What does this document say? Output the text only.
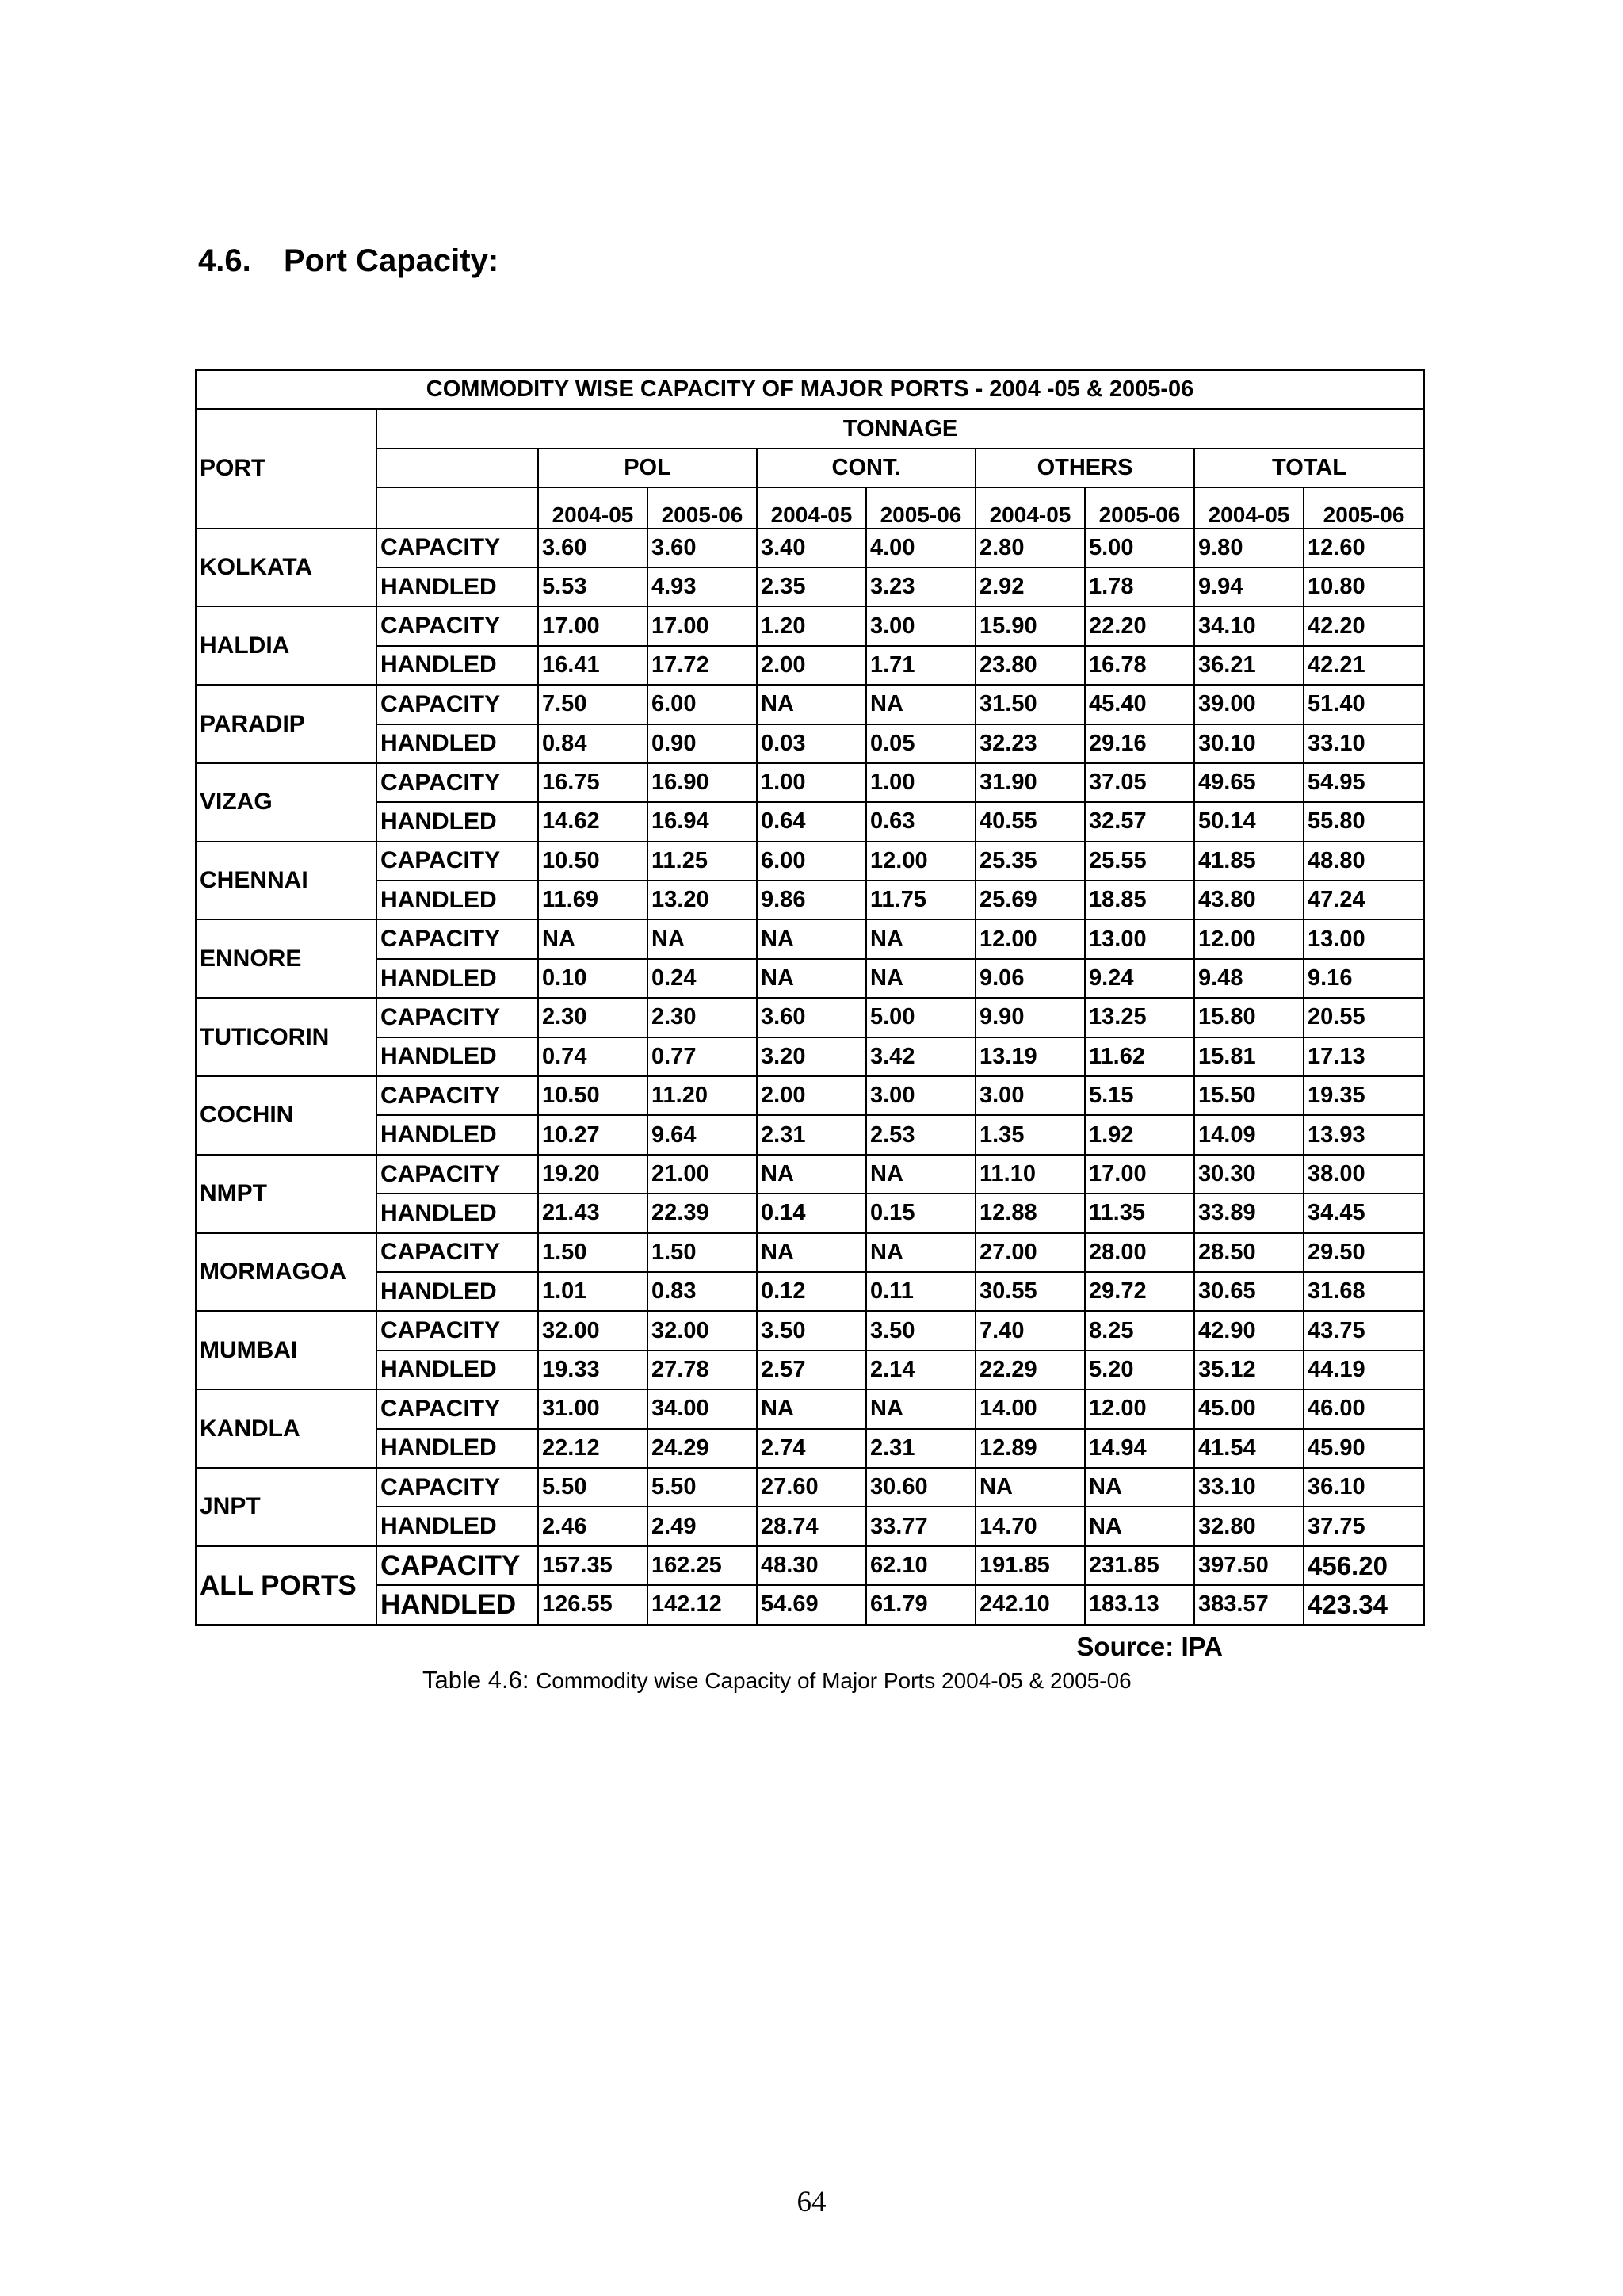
4.6. Port Capacity:
COMMODITY WISE CAPACITY OF MAJOR PORTS - 2004 -05 & 2005-06									
PORT	TONNAGE								
		POL		CONT.		OTHERS		TOTAL	
		2004-05	2005-06	2004-05	2005-06	2004-05	2005-06	2004-05	2005-06
KOLKATA	CAPACITY	3.60	3.60	3.40	4.00	2.80	5.00	9.80	12.60
	HANDLED	5.53	4.93	2.35	3.23	2.92	1.78	9.94	10.80
HALDIA	CAPACITY	17.00	17.00	1.20	3.00	15.90	22.20	34.10	42.20
	HANDLED	16.41	17.72	2.00	1.71	23.80	16.78	36.21	42.21
PARADIP	CAPACITY	7.50	6.00	NA	NA	31.50	45.40	39.00	51.40
	HANDLED	0.84	0.90	0.03	0.05	32.23	29.16	30.10	33.10
VIZAG	CAPACITY	16.75	16.90	1.00	1.00	31.90	37.05	49.65	54.95
	HANDLED	14.62	16.94	0.64	0.63	40.55	32.57	50.14	55.80
CHENNAI	CAPACITY	10.50	11.25	6.00	12.00	25.35	25.55	41.85	48.80
	HANDLED	11.69	13.20	9.86	11.75	25.69	18.85	43.80	47.24
ENNORE	CAPACITY	NA	NA	NA	NA	12.00	13.00	12.00	13.00
	HANDLED	0.10	0.24	NA	NA	9.06	9.24	9.48	9.16
TUTICORIN	CAPACITY	2.30	2.30	3.60	5.00	9.90	13.25	15.80	20.55
	HANDLED	0.74	0.77	3.20	3.42	13.19	11.62	15.81	17.13
COCHIN	CAPACITY	10.50	11.20	2.00	3.00	3.00	5.15	15.50	19.35
	HANDLED	10.27	9.64	2.31	2.53	1.35	1.92	14.09	13.93
NMPT	CAPACITY	19.20	21.00	NA	NA	11.10	17.00	30.30	38.00
	HANDLED	21.43	22.39	0.14	0.15	12.88	11.35	33.89	34.45
MORMAGOA	CAPACITY	1.50	1.50	NA	NA	27.00	28.00	28.50	29.50
	HANDLED	1.01	0.83	0.12	0.11	30.55	29.72	30.65	31.68
MUMBAI	CAPACITY	32.00	32.00	3.50	3.50	7.40	8.25	42.90	43.75
	HANDLED	19.33	27.78	2.57	2.14	22.29	5.20	35.12	44.19
KANDLA	CAPACITY	31.00	34.00	NA	NA	14.00	12.00	45.00	46.00
	HANDLED	22.12	24.29	2.74	2.31	12.89	14.94	41.54	45.90
JNPT	CAPACITY	5.50	5.50	27.60	30.60	NA	NA	33.10	36.10
	HANDLED	2.46	2.49	28.74	33.77	14.70	NA	32.80	37.75
ALL PORTS	CAPACITY	157.35	162.25	48.30	62.10	191.85	231.85	397.50	456.20
	HANDLED	126.55	142.12	54.69	61.79	242.10	183.13	383.57	423.34
Source: IPA
Table 4.6: Commodity wise Capacity of Major Ports 2004-05 & 2005-06
64
